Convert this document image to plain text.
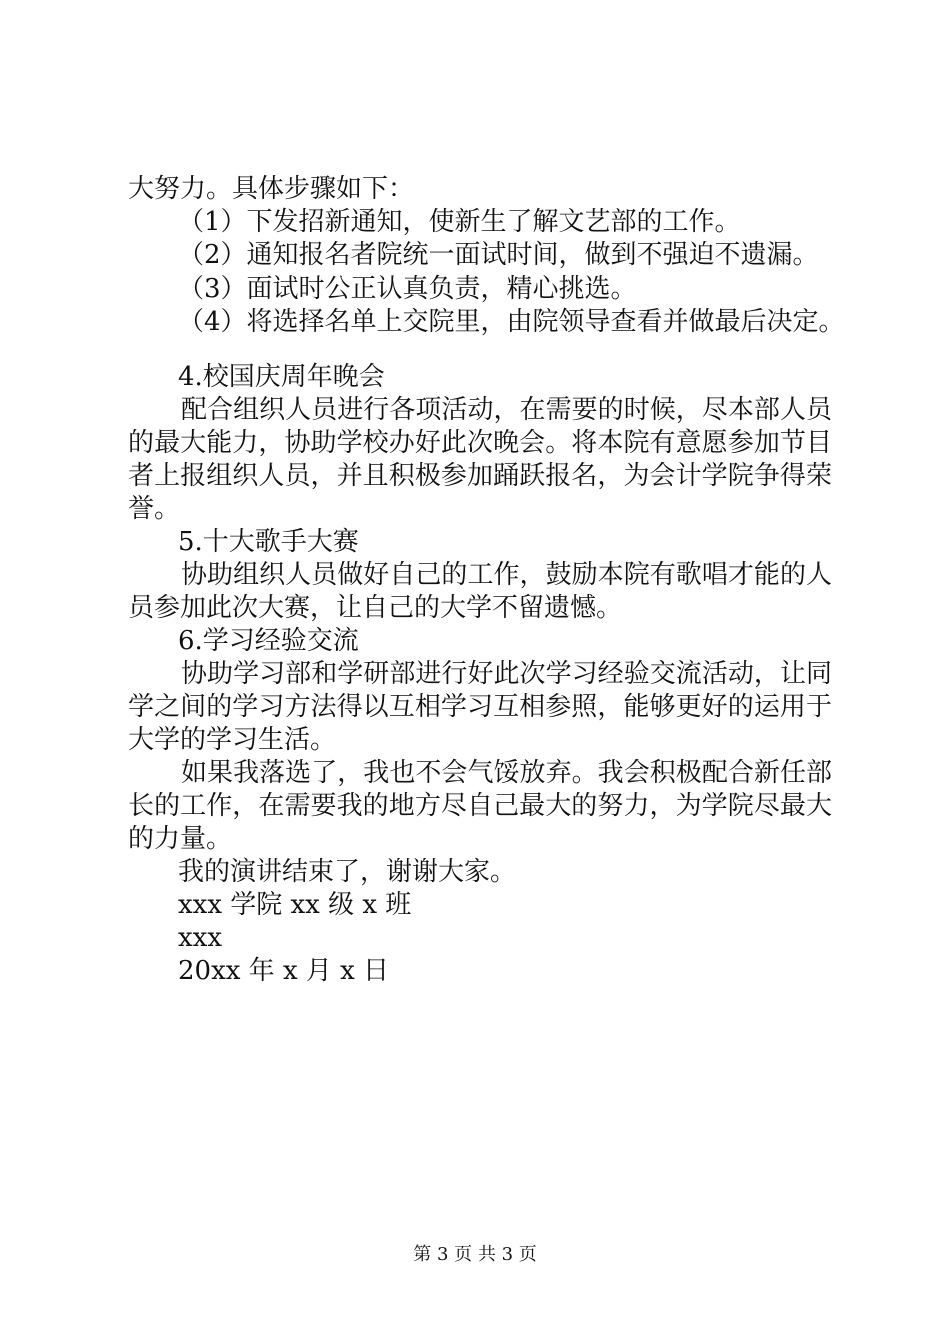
大努力。具体步骤如下：
（1）下发招新通知，使新生了解文艺部的工作。
（2）通知报名者院统一面试时间，做到不强迫不遗漏。
（3）面试时公正认真负责，精心挑选。
（4）将选择名单上交院里，由院领导查看并做最后决定。
4.校国庆周年晚会
配合组织人员进行各项活动，在需要的时候，尽本部人员
的最大能力，协助学校办好此次晚会。将本院有意愿参加节目
者上报组织人员，并且积极参加踊跃报名，为会计学院争得荣
誉。
5.十大歌手大赛
协助组织人员做好自己的工作，鼓励本院有歌唱才能的人
员参加此次大赛，让自己的大学不留遗憾。
6.学习经验交流
协助学习部和学研部进行好此次学习经验交流活动，让同
学之间的学习方法得以互相学习互相参照，能够更好的运用于
大学的学习生活。
如果我落选了，我也不会气馁放弃。我会积极配合新任部
长的工作，在需要我的地方尽自己最大的努力，为学院尽最大
的力量。
我的演讲结束了，谢谢大家。
xxx 学院 xx 级 x 班
xxx
20xx 年 x 月 x 日
第 3 页 共 3 页
